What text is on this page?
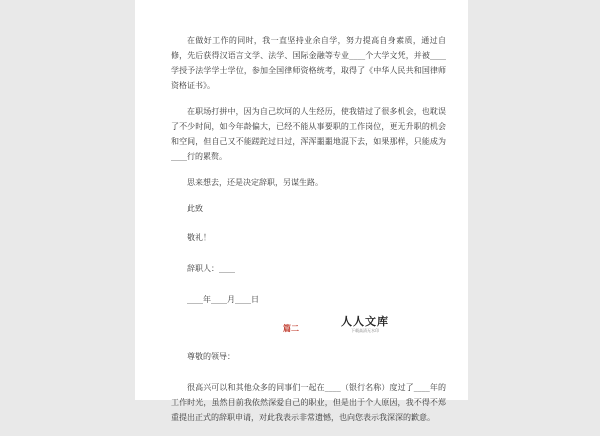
在做好工作的同时，我一直坚持业余自学，努力提高自身素质，通过自修，先后获得汉语言文学、法学、国际金融等专业____个大学文凭，并被____学授予法学学士学位，参加全国律师资格统考，取得了《中华人民共和国律师资格证书》。

在职场打拼中，因为自己坎坷的人生经历，使我错过了很多机会，也耽误了不少时间，如今年龄偏大，已经不能从事要职的工作岗位，更无升职的机会和空间，但自己又不能蹉跎过日过，浑浑噩噩地混下去，如果那样，只能成为____行的累赘。

思来想去，还是决定辞职，另谋生路。

此致
敬礼！
辞职人：____
____年____月____日
篇二	人人文库
下载高清无水印
尊敬的领导：

很高兴可以和其他众多的同事们一起在____（银行名称）度过了____年的工作时光，虽然目前我依然深爱自己的职业，但是出于个人原因，我不得不郑重提出正式的辞职申请，对此我表示非常遗憾，也向您表示我深深的歉意。
